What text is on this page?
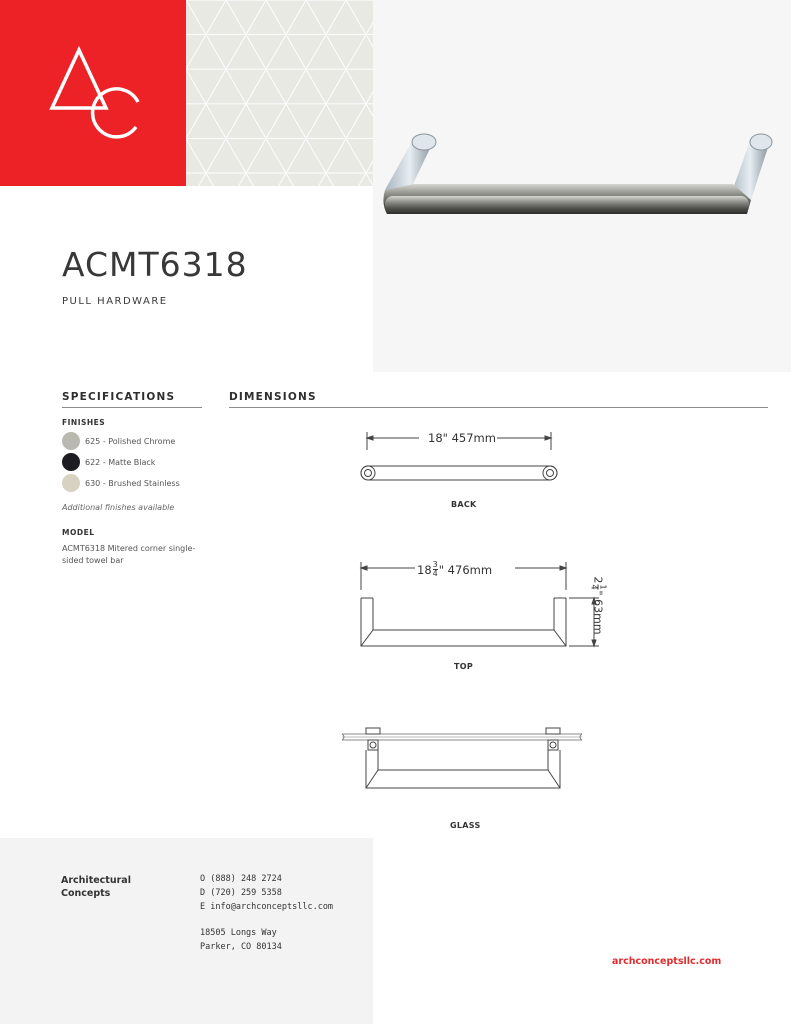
ACMT6318
PULL HARDWARE
SPECIFICATIONS
FINISHES
625 - Polished Chrome
622 - Matte Black
630 - Brushed Stainless
Additional finishes available
MODEL
ACMT6318 Mitered corner single-
sided towel bar
DIMENSIONS
18" 457mm
BACK
$18 \frac{3}{4}$ " 476mm
2
1
4
" 63mm
TOP
GLASS
Architectural
Concepts
O (888) 248 2724
D (720) 259 5358
E info@archconceptsllc.com
18505 Longs Way
Parker, CO 80134
archconceptsllc.com
